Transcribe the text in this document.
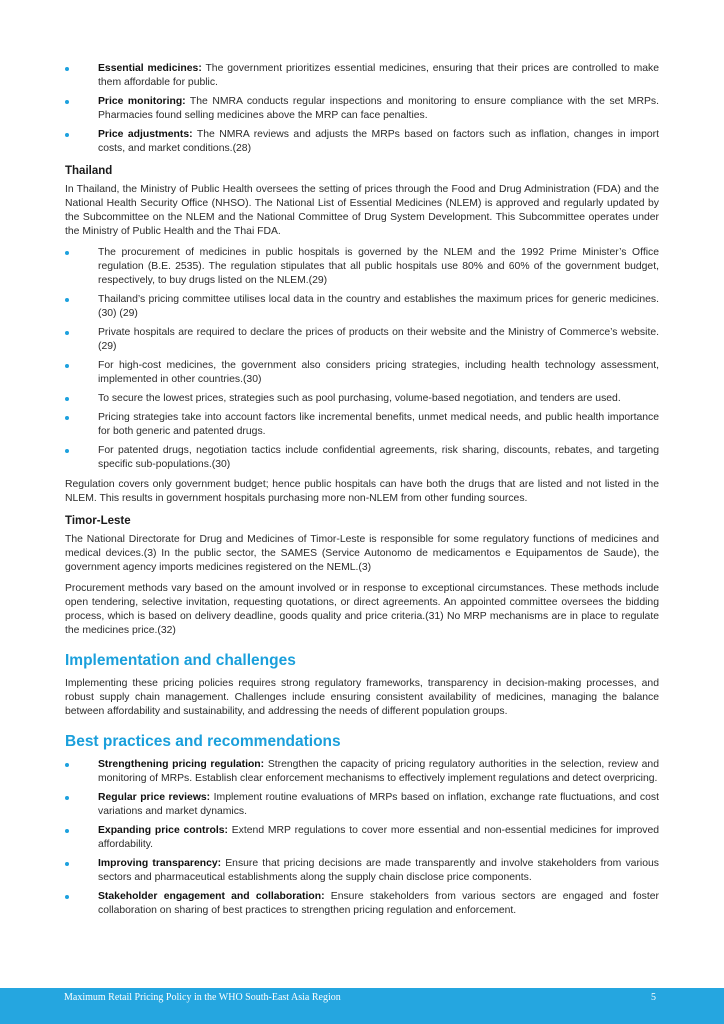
Essential medicines: The government prioritizes essential medicines, ensuring that their prices are controlled to make them affordable for public.
Price monitoring: The NMRA conducts regular inspections and monitoring to ensure compliance with the set MRPs. Pharmacies found selling medicines above the MRP can face penalties.
Price adjustments: The NMRA reviews and adjusts the MRPs based on factors such as inflation, changes in import costs, and market conditions.(28)
Thailand

In Thailand, the Ministry of Public Health oversees the setting of prices through the Food and Drug Administration (FDA) and the National Health Security Office (NHSO). The National List of Essential Medicines (NLEM) is approved and regularly updated by the Subcommittee on the NLEM and the National Committee of Drug System Development. This Subcommittee operates under the Ministry of Public Health and the Thai FDA.

The procurement of medicines in public hospitals is governed by the NLEM and the 1992 Prime Minister’s Office regulation (B.E. 2535). The regulation stipulates that all public hospitals use 80% and 60% of the government budget, respectively, to buy drugs listed on the NLEM.(29)
Thailand’s pricing committee utilises local data in the country and establishes the maximum prices for generic medicines.(30) (29)
Private hospitals are required to declare the prices of products on their website and the Ministry of Commerce’s website.(29)
For high-cost medicines, the government also considers pricing strategies, including health technology assessment, implemented in other countries.(30)
To secure the lowest prices, strategies such as pool purchasing, volume-based negotiation, and tenders are used.
Pricing strategies take into account factors like incremental benefits, unmet medical needs, and public health importance for both generic and patented drugs.
For patented drugs, negotiation tactics include confidential agreements, risk sharing, discounts, rebates, and targeting specific sub-populations.(30)

Regulation covers only government budget; hence public hospitals can have both the drugs that are listed and not listed in the NLEM. This results in government hospitals purchasing more non-NLEM from other funding sources.

Timor-Leste

The National Directorate for Drug and Medicines of Timor-Leste is responsible for some regulatory functions of medicines and medical devices.(3) In the public sector, the SAMES (Service Autonomo de medicamentos e Equipamentos de Saude), the government agency imports medicines registered on the NEML.(3)

Procurement methods vary based on the amount involved or in response to exceptional circumstances. These methods include open tendering, selective invitation, requesting quotations, or direct agreements. An appointed committee oversees the bidding process, which is based on delivery deadline, goods quality and price criteria.(31) No MRP mechanisms are in place to regulate the medicines price.(32)

Implementation and challenges

Implementing these pricing policies requires strong regulatory frameworks, transparency in decision-making processes, and robust supply chain management. Challenges include ensuring consistent availability of medicines, managing the balance between affordability and sustainability, and addressing the needs of different population groups.

Best practices and recommendations
Strengthening pricing regulation: Strengthen the capacity of pricing regulatory authorities in the selection, review and monitoring of MRPs. Establish clear enforcement mechanisms to effectively implement regulations and detect overpricing.
Regular price reviews: Implement routine evaluations of MRPs based on inflation, exchange rate fluctuations, and cost variations and market dynamics.
Expanding price controls: Extend MRP regulations to cover more essential and non-essential medicines for improved affordability.
Improving transparency: Ensure that pricing decisions are made transparently and involve stakeholders from various sectors and pharmaceutical establishments along the supply chain disclose price components.
Stakeholder engagement and collaboration: Ensure stakeholders from various sectors are engaged and foster collaboration on sharing of best practices to strengthen pricing regulation and enforcement.
Maximum Retail Pricing Policy in the WHO South-East Asia Region	5
